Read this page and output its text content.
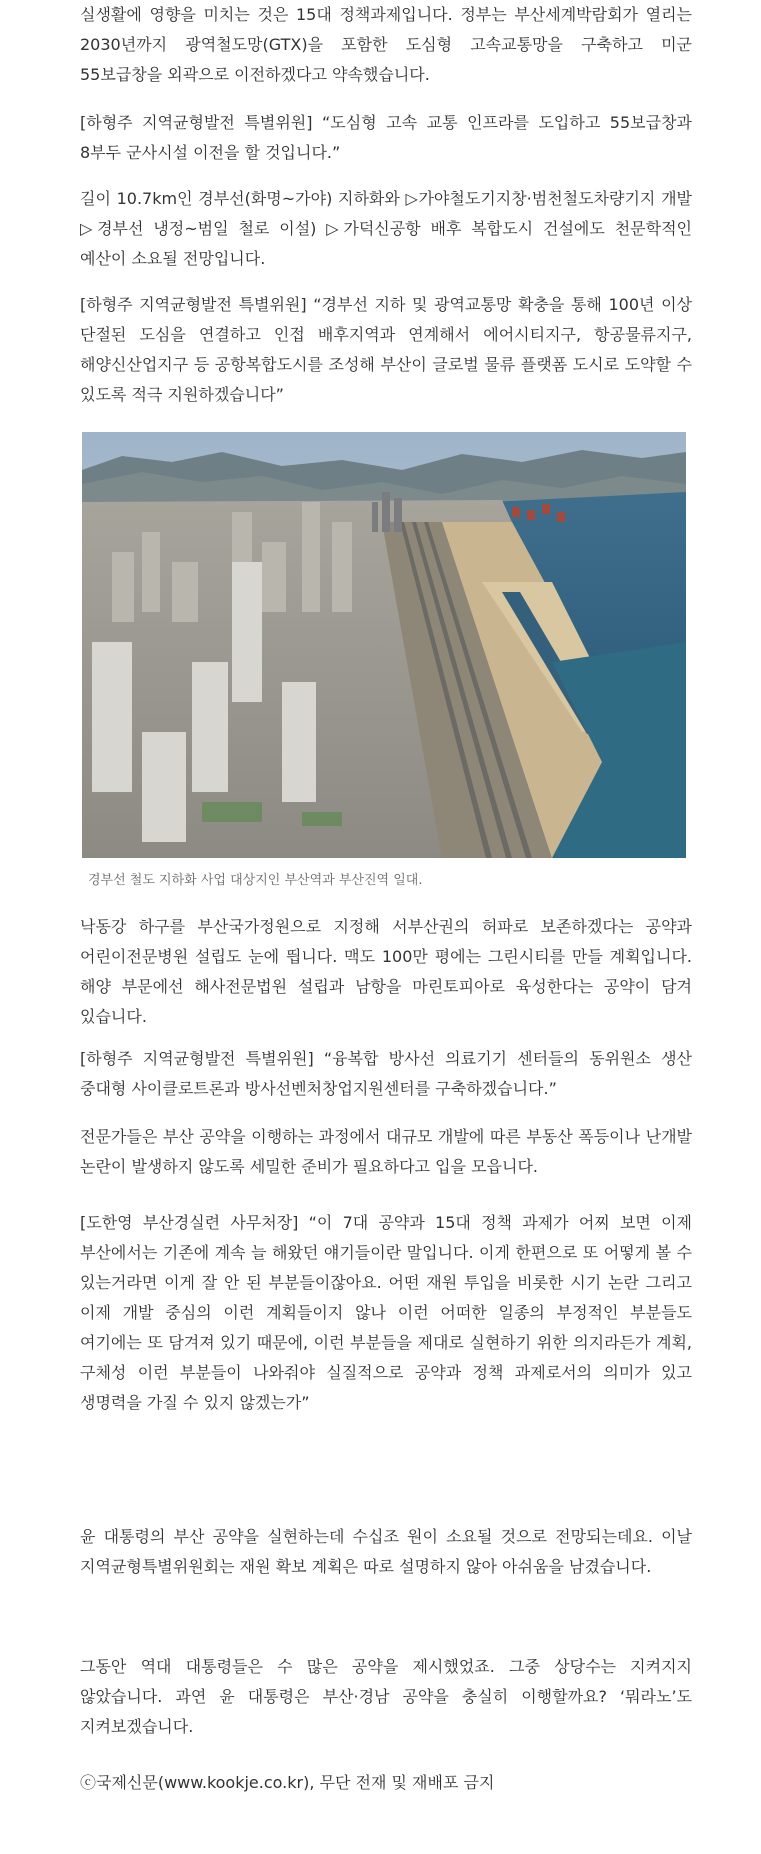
실생활에 영향을 미치는 것은 15대 정책과제입니다. 정부는 부산세계박람회가 열리는 2030년까지 광역철도망(GTX)을 포함한 도심형 고속교통망을 구축하고 미군 55보급창을 외곽으로 이전하겠다고 약속했습니다.

[하형주 지역균형발전 특별위원] “도심형 고속 교통 인프라를 도입하고 55보급창과 8부두 군사시설 이전을 할 것입니다.”

길이 10.7km인 경부선(화명~가야) 지하화와 ▷가야철도기지창·범천철도차량기지 개발 ▷경부선 냉정~범일 철로 이설) ▷가덕신공항 배후 복합도시 건설에도 천문학적인 예산이 소요될 전망입니다.

[하형주 지역균형발전 특별위원] “경부선 지하 및 광역교통망 확충을 통해 100년 이상 단절된 도심을 연결하고 인접 배후지역과 연계해서 에어시티지구, 항공물류지구, 해양신산업지구 등 공항복합도시를 조성해 부산이 글로벌 물류 플랫폼 도시로 도약할 수 있도록 적극 지원하겠습니다”

경부선 철도 지하화 사업 대상지인 부산역과 부산진역 일대.

낙동강 하구를 부산국가정원으로 지정해 서부산권의 허파로 보존하겠다는 공약과 어린이전문병원 설립도 눈에 띕니다. 맥도 100만 평에는 그린시티를 만들 계획입니다. 해양 부문에선 해사전문법원 설립과 남항을 마린토피아로 육성한다는 공약이 담겨 있습니다.

[하형주 지역균형발전 특별위원] “융복합 방사선 의료기기 센터들의 동위원소 생산 중대형 사이클로트론과 방사선벤처창업지원센터를 구축하겠습니다.”

전문가들은 부산 공약을 이행하는 과정에서 대규모 개발에 따른 부동산 폭등이나 난개발 논란이 발생하지 않도록 세밀한 준비가 필요하다고 입을 모읍니다.

[도한영 부산경실련 사무처장] “이 7대 공약과 15대 정책 과제가 어찌 보면 이제 부산에서는 기존에 계속 늘 해왔던 얘기들이란 말입니다. 이게 한편으로 또 어떻게 볼 수 있는거라면 이게 잘 안 된 부분들이잖아요. 어떤 재원 투입을 비롯한 시기 논란 그리고 이제 개발 중심의 이런 계획들이지 않나 이런 어떠한 일종의 부정적인 부분들도 여기에는 또 담겨져 있기 때문에, 이런 부분들을 제대로 실현하기 위한 의지라든가 계획, 구체성 이런 부분들이 나와줘야 실질적으로 공약과 정책 과제로서의 의미가 있고 생명력을 가질 수 있지 않겠는가”

윤 대통령의 부산 공약을 실현하는데 수십조 원이 소요될 것으로 전망되는데요. 이날 지역균형특별위원회는 재원 확보 계획은 따로 설명하지 않아 아쉬움을 남겼습니다.

그동안 역대 대통령들은 수 많은 공약을 제시했었죠. 그중 상당수는 지켜지지 않았습니다. 과연 윤 대통령은 부산·경남 공약을 충실히 이행할까요? ‘뭐라노’도 지켜보겠습니다.

ⓒ국제신문(www.kookje.co.kr), 무단 전재 및 재배포 금지
